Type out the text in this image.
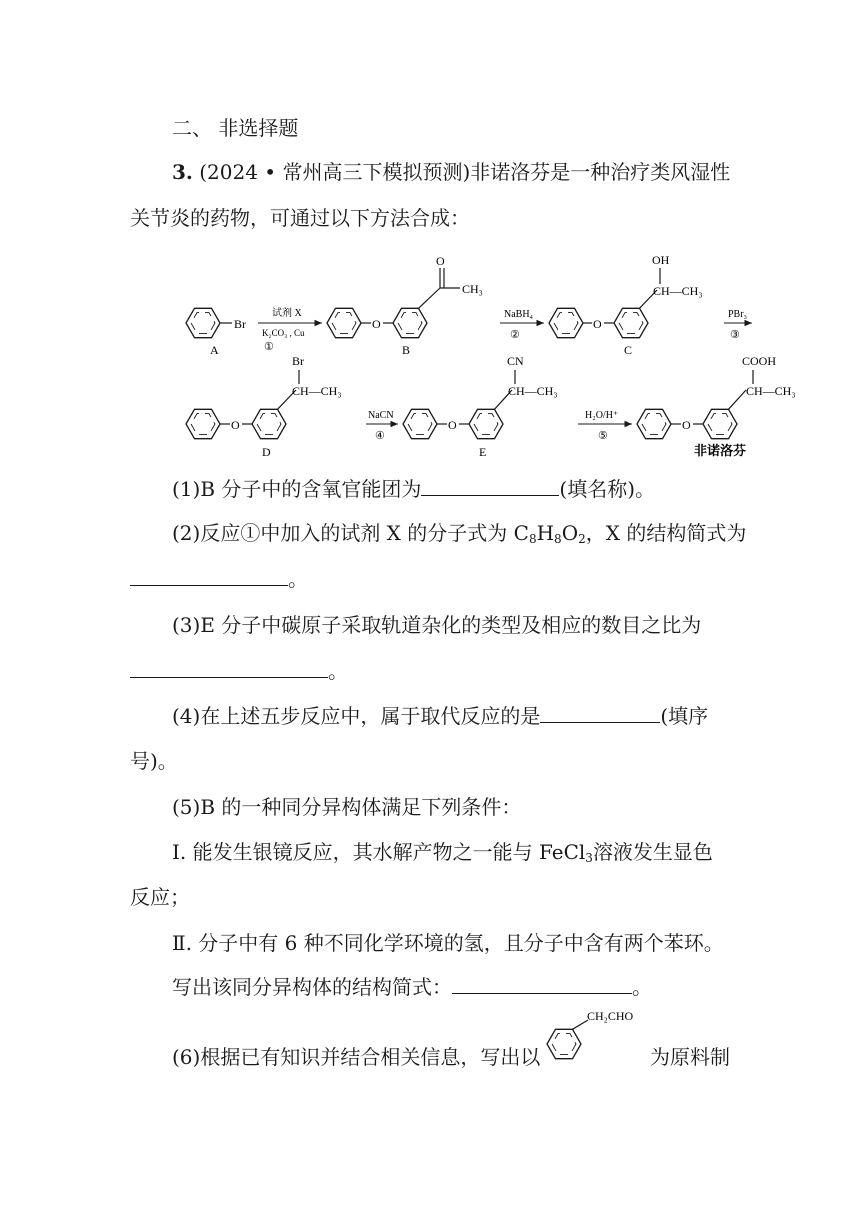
二、 非选择题
3. (2024 • 常州高三下模拟预测)非诺洛芬是一种治疗类风湿性
关节炎的药物，可通过以下方法合成：
Br
A
试剂 X
K₂CO₃ , Cu
①
O
O
CH₃
B
NaBH₄
②
O
OH
CH—CH₃
C
PBr₃
③
O
Br
CH—CH₃
D
NaCN
④
O
CN
CH—CH₃
E
H₂O/H⁺
⑤
O
COOH
CH—CH₃
非诺洛芬
(1)B 分子中的含氧官能团为	(填名称)。
(2)反应①中加入的试剂 X 的分子式为 $C_8H_8O_2$，X 的结构简式为
。
(3)E 分子中碳原子采取轨道杂化的类型及相应的数目之比为
。
(4)在上述五步反应中，属于取代反应的是	(填序
号)。
(5)B 的一种同分异构体满足下列条件：
Ⅰ. 能发生银镜反应，其水解产物之一能与 FeCl$_3$溶液发生显色
反应；
Ⅱ. 分子中有 6 种不同化学环境的氢，且分子中含有两个苯环。
写出该同分异构体的结构简式：	。
(6)根据已有知识并结合相关信息，写出以
CH₂CHO
为原料制
